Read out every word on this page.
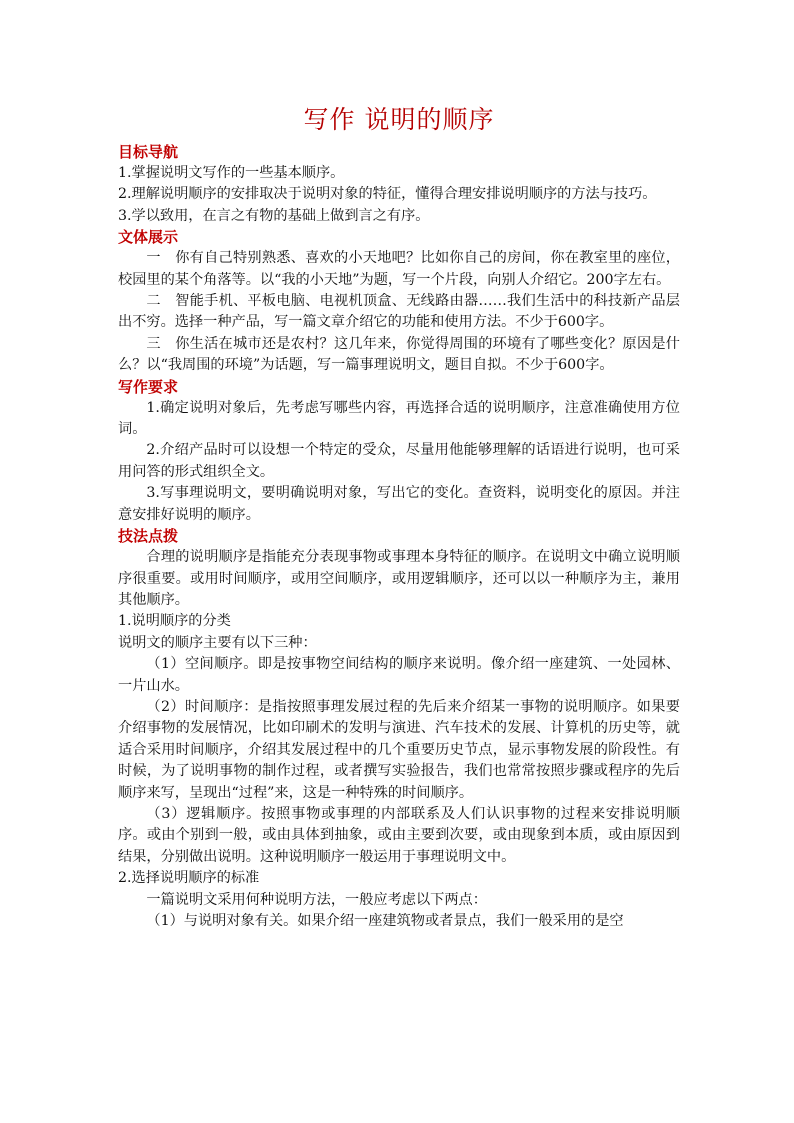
写作 说明的顺序
目标导航

1.掌握说明文写作的一些基本顺序。

2.理解说明顺序的安排取决于说明对象的特征，懂得合理安排说明顺序的方法与技巧。

3.学以致用，在言之有物的基础上做到言之有序。

文体展示

一　你有自己特别熟悉、喜欢的小天地吧？比如你自己的房间，你在教室里的座位，校园里的某个角落等。以“我的小天地”为题，写一个片段，向别人介绍它。200字左右。

二　智能手机、平板电脑、电视机顶盒、无线路由器……我们生活中的科技新产品层出不穷。选择一种产品，写一篇文章介绍它的功能和使用方法。不少于600字。

三　你生活在城市还是农村？这几年来，你觉得周围的环境有了哪些变化？原因是什么？以“我周围的环境”为话题，写一篇事理说明文，题目自拟。不少于600字。

写作要求

1.确定说明对象后，先考虑写哪些内容，再选择合适的说明顺序，注意准确使用方位词。

2.介绍产品时可以设想一个特定的受众，尽量用他能够理解的话语进行说明，也可采用问答的形式组织全文。

3.写事理说明文，要明确说明对象，写出它的变化。查资料，说明变化的原因。并注意安排好说明的顺序。

技法点拨

合理的说明顺序是指能充分表现事物或事理本身特征的顺序。在说明文中确立说明顺序很重要。或用时间顺序，或用空间顺序，或用逻辑顺序，还可以以一种顺序为主，兼用其他顺序。

1.说明顺序的分类

说明文的顺序主要有以下三种：

（1）空间顺序。即是按事物空间结构的顺序来说明。像介绍一座建筑、一处园林、一片山水。

（2）时间顺序：是指按照事理发展过程的先后来介绍某一事物的说明顺序。如果要介绍事物的发展情况，比如印刷术的发明与演进、汽车技术的发展、计算机的历史等，就适合采用时间顺序，介绍其发展过程中的几个重要历史节点，显示事物发展的阶段性。有时候，为了说明事物的制作过程，或者撰写实验报告，我们也常常按照步骤或程序的先后顺序来写，呈现出“过程”来，这是一种特殊的时间顺序。

（3）逻辑顺序。按照事物或事理的内部联系及人们认识事物的过程来安排说明顺序。或由个别到一般，或由具体到抽象，或由主要到次要，或由现象到本质，或由原因到结果，分别做出说明。这种说明顺序一般运用于事理说明文中。

2.选择说明顺序的标准

一篇说明文采用何种说明方法，一般应考虑以下两点：

（1）与说明对象有关。如果介绍一座建筑物或者景点，我们一般采用的是空
